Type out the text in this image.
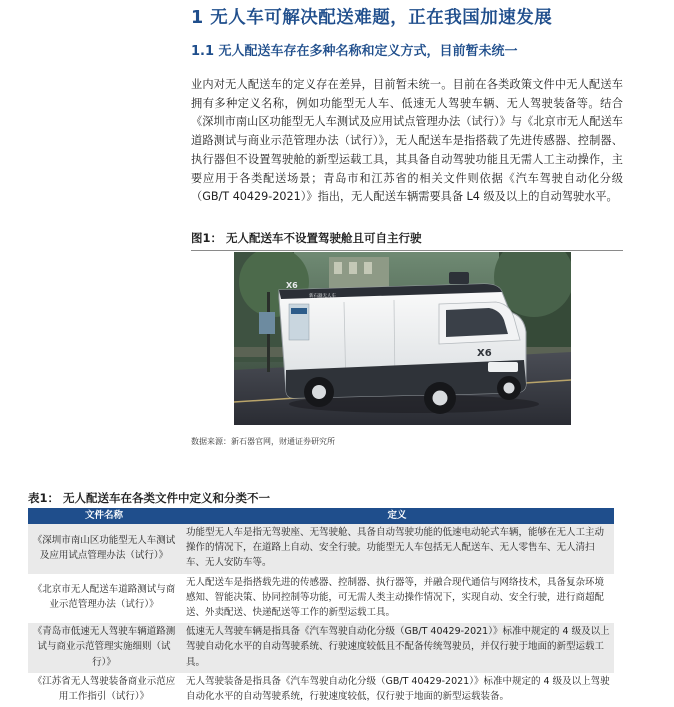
1 无人车可解决配送难题，正在我国加速发展
1.1 无人配送车存在多种名称和定义方式，目前暂未统一
业内对无人配送车的定义存在差异，目前暂未统一。目前在各类政策文件中无人配送车拥有多种定义名称，例如功能型无人车、低速无人驾驶车辆、无人驾驶装备等。结合《深圳市南山区功能型无人车测试及应用试点管理办法（试行）》与《北京市无人配送车道路测试与商业示范管理办法（试行）》，无人配送车是指搭载了先进传感器、控制器、执行器但不设置驾驶舱的新型运载工具，其具备自动驾驶功能且无需人工主动操作，主要应用于各类配送场景；青岛市和江苏省的相关文件则依据《汽车驾驶自动化分级（GB/T 40429-2021）》指出，无人配送车辆需要具备 L4 级及以上的自动驾驶水平。
图1： 无人配送车不设置驾驶舱且可自主行驶
X6
新石器无人车
X6
数据来源：新石器官网，财通证券研究所
表1： 无人配送车在各类文件中定义和分类不一
文件名称	定义
《深圳市南山区功能型无人车测试及应用试点管理办法（试行）》	功能型无人车是指无驾驶座、无驾驶舱、具备自动驾驶功能的低速电动轮式车辆，能够在无人工主动操作的情况下，在道路上自动、安全行驶。功能型无人车包括无人配送车、无人零售车、无人清扫车、无人安防车等。
《北京市无人配送车道路测试与商业示范管理办法（试行）》	无人配送车是指搭载先进的传感器、控制器、执行器等，并融合现代通信与网络技术，具备复杂环境感知、智能决策、协同控制等功能，可无需人类主动操作情况下，实现自动、安全行驶，进行商超配送、外卖配送、快递配送等工作的新型运载工具。
《青岛市低速无人驾驶车辆道路测试与商业示范管理实施细则（试行）》	低速无人驾驶车辆是指具备《汽车驾驶自动化分级（GB/T 40429-2021）》标准中规定的 4 级及以上驾驶自动化水平的自动驾驶系统、行驶速度较低且不配备传统驾驶员，并仅行驶于地面的新型运载工具。
《江苏省无人驾驶装备商业示范应用工作指引（试行）》	无人驾驶装备是指具备《汽车驾驶自动化分级（GB/T 40429-2021）》标准中规定的 4 级及以上驾驶自动化水平的自动驾驶系统，行驶速度较低，仅行驶于地面的新型运载装备。
